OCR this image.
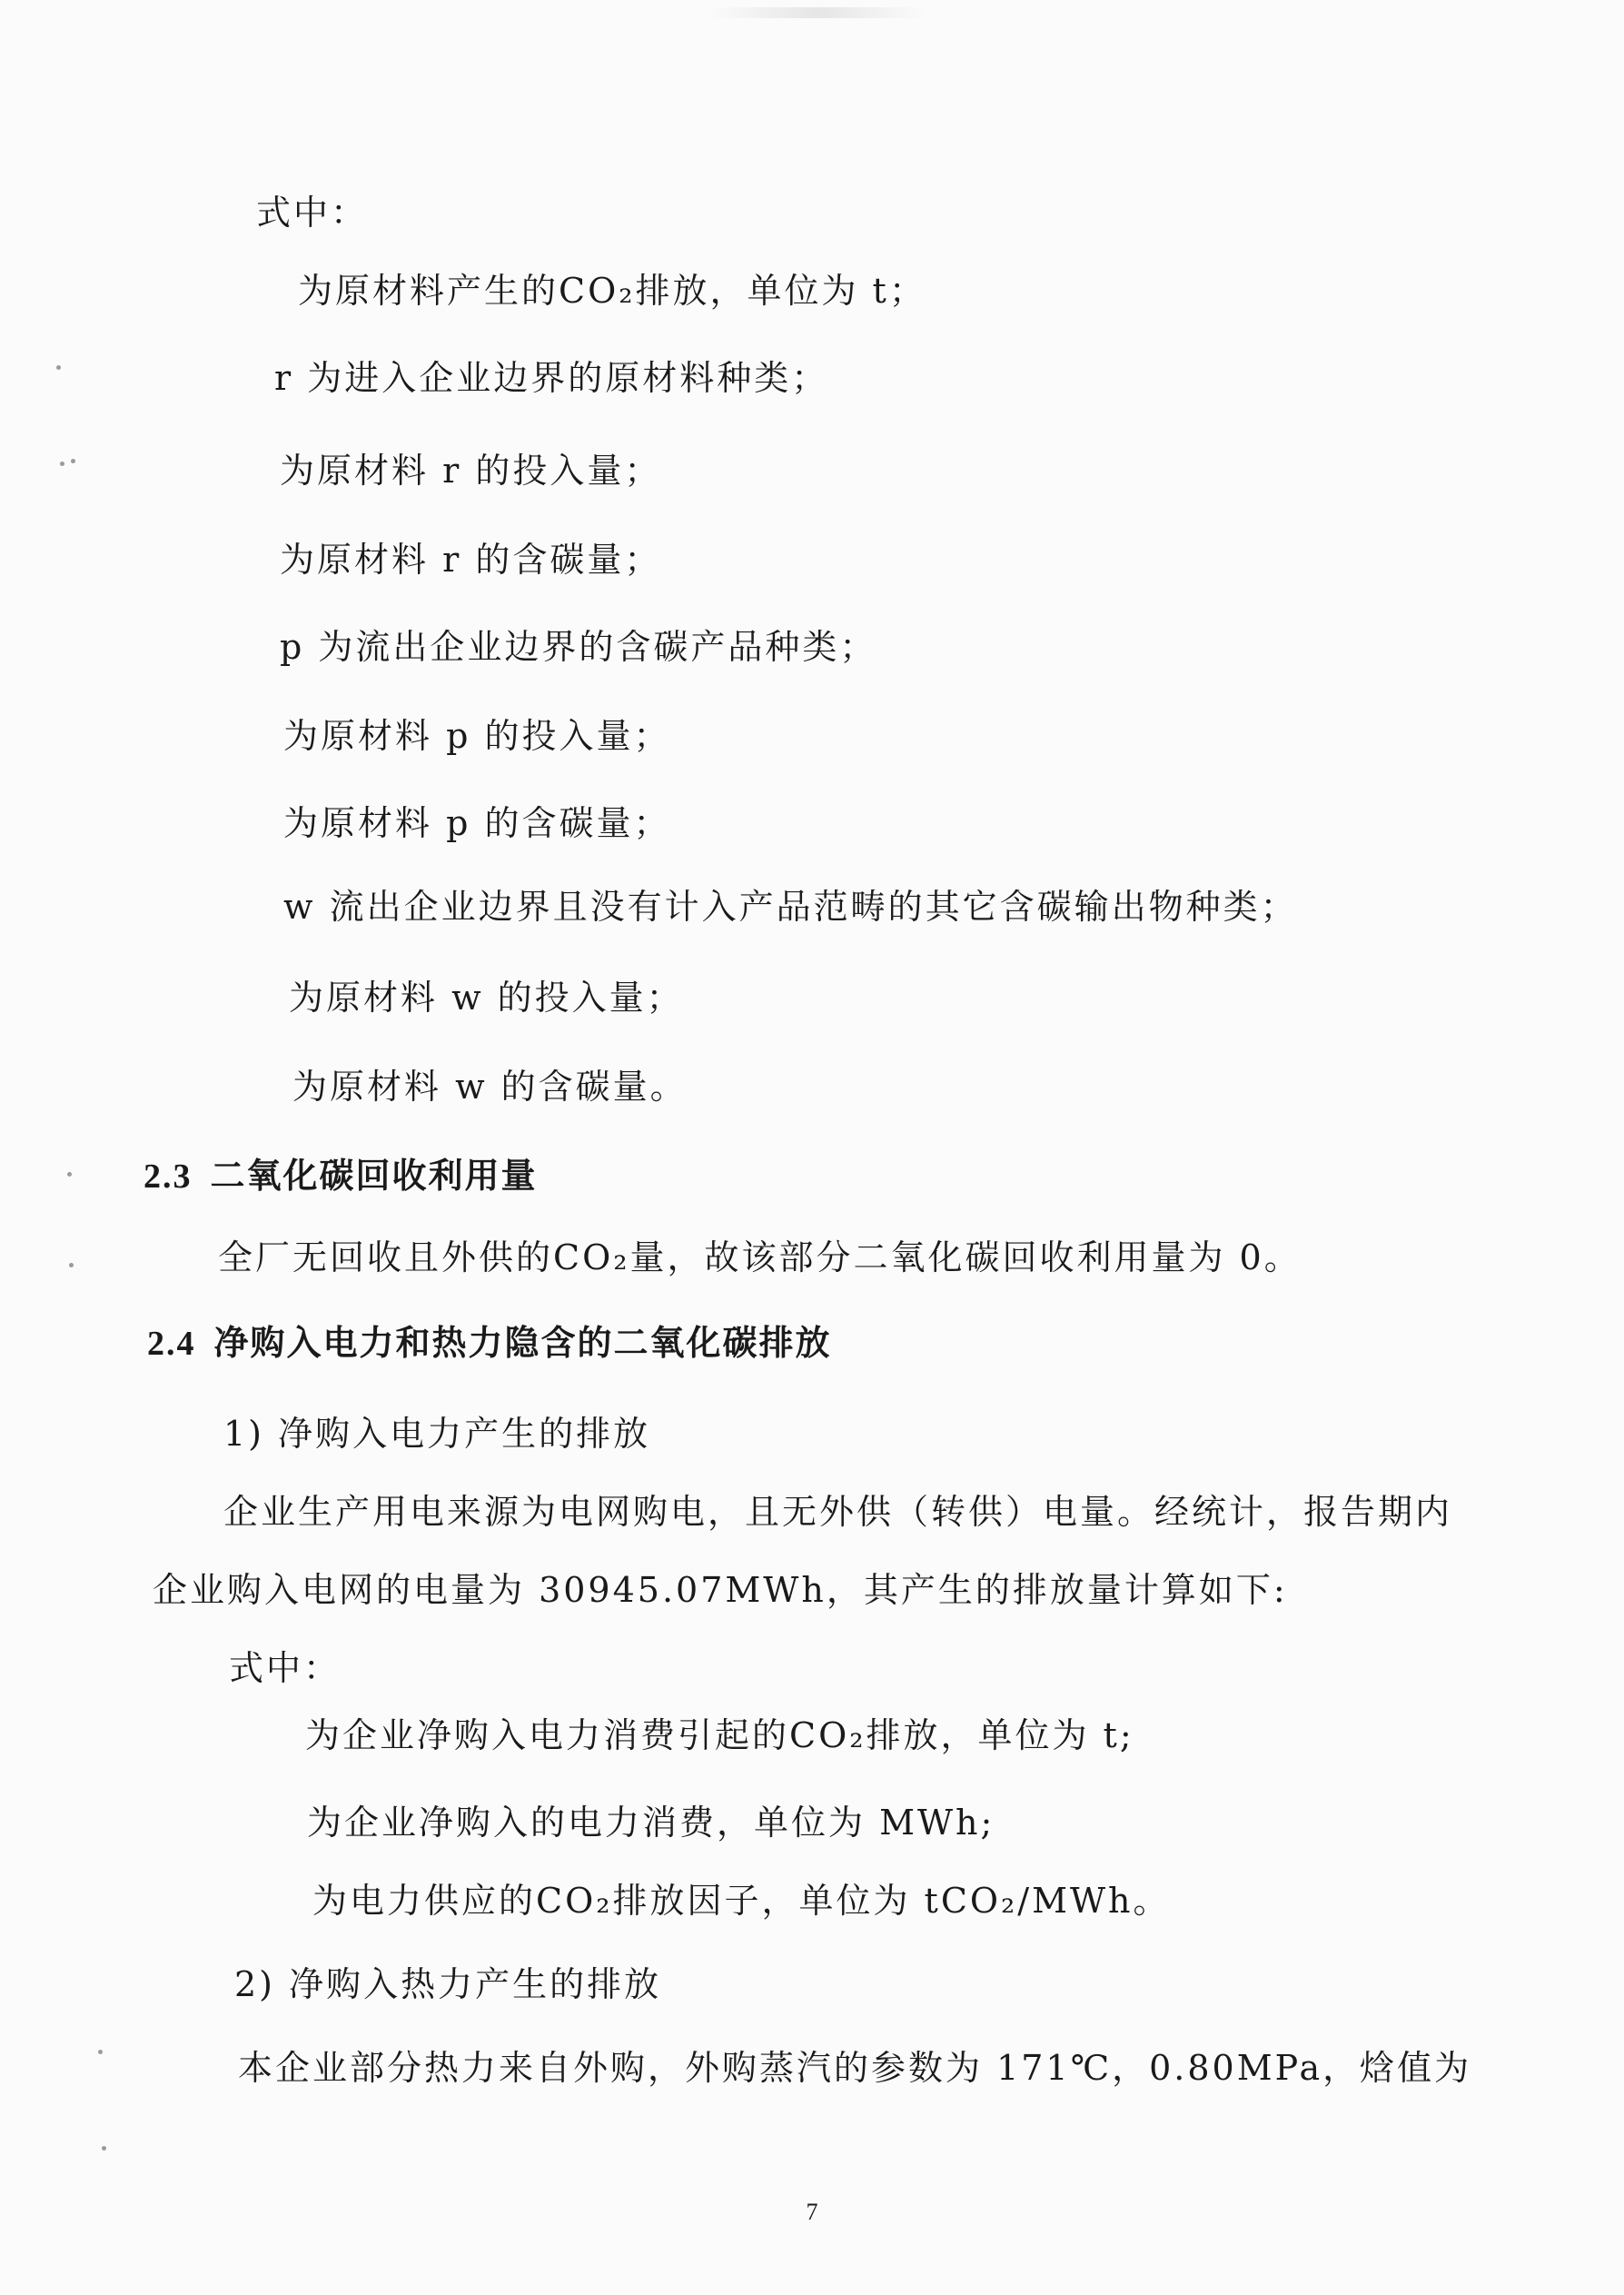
式中：
为原材料产生的CO₂排放，单位为 t；
r 为进入企业边界的原材料种类；
为原材料 r 的投入量；
为原材料 r 的含碳量；
p 为流出企业边界的含碳产品种类；
为原材料 p 的投入量；
为原材料 p 的含碳量；
w 流出企业边界且没有计入产品范畴的其它含碳输出物种类；
为原材料 w 的投入量；
为原材料 w 的含碳量。
2.3 二氧化碳回收利用量
全厂无回收且外供的CO₂量，故该部分二氧化碳回收利用量为 0。
2.4 净购入电力和热力隐含的二氧化碳排放
1) 净购入电力产生的排放
企业生产用电来源为电网购电，且无外供（转供）电量。经统计，报告期内
企业购入电网的电量为 30945.07MWh，其产生的排放量计算如下:
式中：
为企业净购入电力消费引起的CO₂排放，单位为 t;
为企业净购入的电力消费，单位为 MWh;
为电力供应的CO₂排放因子，单位为 tCO₂/MWh。
2) 净购入热力产生的排放
本企业部分热力来自外购，外购蒸汽的参数为 171℃，0.80MPa，焓值为
7
